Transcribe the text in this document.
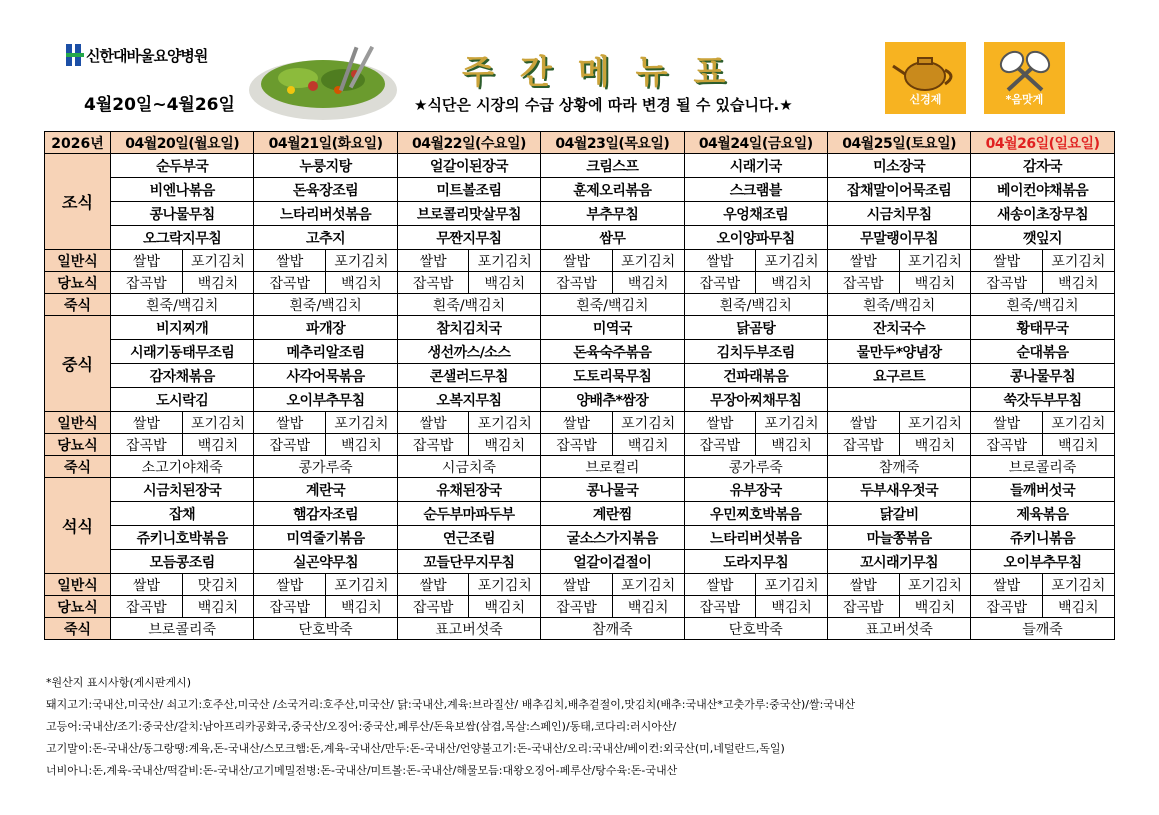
신한대바울요양병원
4월20일~4월26일
주간메뉴표
★식단은 시장의 수급 상황에 따라 변경 될 수 있습니다.★	신경제	*음맛게
2026년	04월20일(월요일)		04월21일(화요일)		04월22일(수요일)		04월23일(목요일)		04월24일(금요일)		04월25일(토요일)		04월26일(일요일)	
조식	순두부국		누룽지탕		얼갈이된장국		크림스프		시래기국		미소장국		감자국	
	비엔나볶음		돈육장조림		미트볼조림		훈제오리볶음		스크램블		잡채말이어묵조림		베이컨야채볶음	
	콩나물무침		느타리버섯볶음		브로콜리맛살무침		부추무침		우엉채조림		시금치무침		새송이초장무침	
	오그락지무침		고추지		무짠지무침		쌈무		오이양파무침		무말랭이무침		깻잎지	
일반식	쌀밥	포기김치	쌀밥	포기김치	쌀밥	포기김치	쌀밥	포기김치	쌀밥	포기김치	쌀밥	포기김치	쌀밥	포기김치
당뇨식	잡곡밥	백김치	잡곡밥	백김치	잡곡밥	백김치	잡곡밥	백김치	잡곡밥	백김치	잡곡밥	백김치	잡곡밥	백김치
죽식	흰죽/백김치		흰죽/백김치		흰죽/백김치		흰죽/백김치		흰죽/백김치		흰죽/백김치		흰죽/백김치	
중식	비지찌개		파개장		참치김치국		미역국		닭곰탕		잔치국수		황태무국	
	시래기동태무조림		메추리알조림		생선까스/소스		돈육숙주볶음		김치두부조림		물만두*양념장		순대볶음	
	감자채볶음		사각어묵볶음		콘샐러드무침		도토리묵무침		건파래볶음		요구르트		콩나물무침	
	도시락김		오이부추무침		오복지무침		양배추*쌈장		무장아찌채무침				쑥갓두부무침	
일반식	쌀밥	포기김치	쌀밥	포기김치	쌀밥	포기김치	쌀밥	포기김치	쌀밥	포기김치	쌀밥	포기김치	쌀밥	포기김치
당뇨식	잡곡밥	백김치	잡곡밥	백김치	잡곡밥	백김치	잡곡밥	백김치	잡곡밥	백김치	잡곡밥	백김치	잡곡밥	백김치
죽식	소고기야채죽		콩가루죽		시금치죽		브로컬리		콩가루죽		참깨죽		브로콜리죽	
석식	시금치된장국		계란국		유채된장국		콩나물국		유부장국		두부새우젓국		들깨버섯국	
	잡채		햄감자조림		순두부마파두부		계란찜		우민찌호박볶음		닭갈비		제육볶음	
	쥬키니호박볶음		미역줄기볶음		연근조림		굴소스가지볶음		느타리버섯볶음		마늘쫑볶음		쥬키니볶음	
	모듬콩조림		실곤약무침		꼬들단무지무침		얼갈이겉절이		도라지무침		꼬시래기무침		오이부추무침	
일반식	쌀밥	맛김치	쌀밥	포기김치	쌀밥	포기김치	쌀밥	포기김치	쌀밥	포기김치	쌀밥	포기김치	쌀밥	포기김치
당뇨식	잡곡밥	백김치	잡곡밥	백김치	잡곡밥	백김치	잡곡밥	백김치	잡곡밥	백김치	잡곡밥	백김치	잡곡밥	백김치
죽식	브로콜리죽		단호박죽		표고버섯죽		참깨죽		단호박죽		표고버섯죽		들깨죽	
*원산지 표시사항(게시판게시)
돼지고기:국내산,미국산/ 쇠고기:호주산,미국산 /소국거리:호주산,미국산/ 닭:국내산,계육:브라질산/ 배추김치,배추겉절이,맛김치(배추:국내산*고춧가루:중국산)/쌀:국내산
고등어:국내산/조기:중국산/갈치:남아프리카공화국,중국산/오징어:중국산,페루산/돈육보쌈(삼겹,목살:스페인)/동태,코다리:러시아산/
고기말이:돈-국내산/동그랑땡:계육,돈-국내산/스모크햄:돈,계육-국내산/만두:돈-국내산/언양불고기:돈-국내산/오리:국내산/베이컨:외국산(미,네덜란드,독일)
너비아니:돈,계육-국내산/떡갈비:돈-국내산/고기메밀전병:돈-국내산/미트볼:돈-국내산/해물모듬:대왕오징어-페루산/탕수육:돈-국내산
